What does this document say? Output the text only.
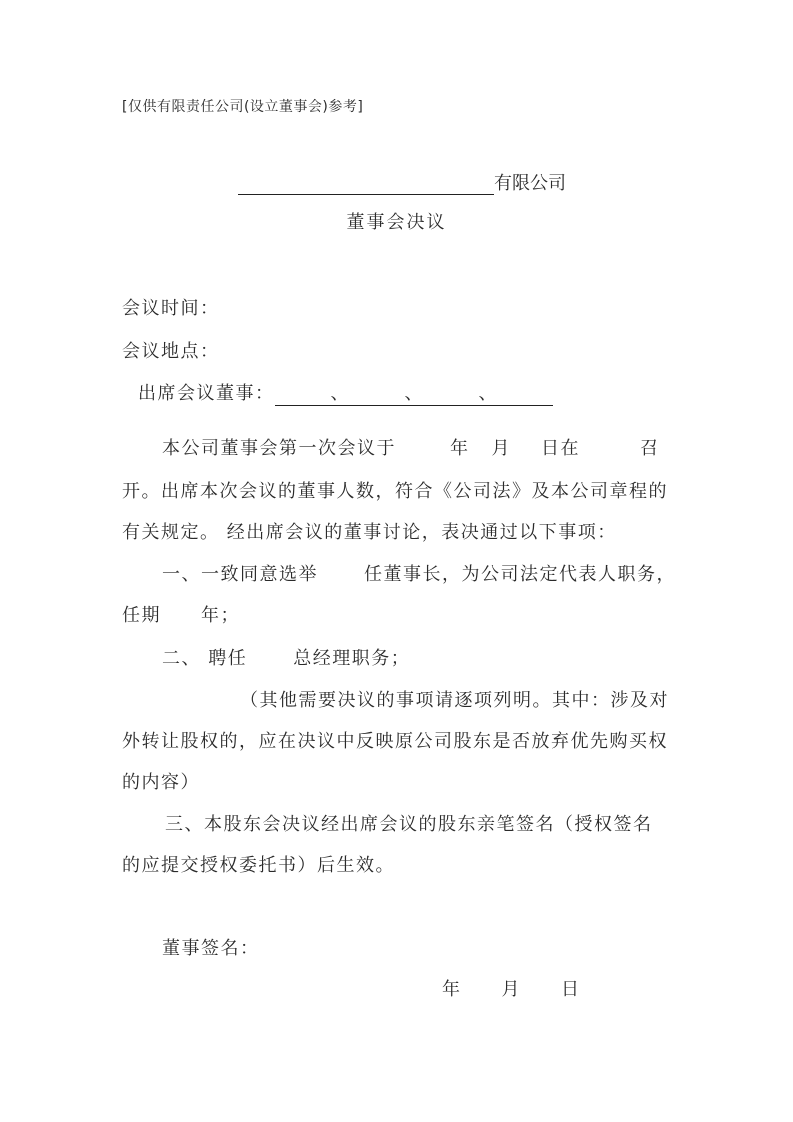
[仅供有限责任公司(设立董事会)参考]
有限公司
董事会决议
会议时间：
会议地点：
出席会议董事：	、	、	、
本公司董事会第一次会议于	年 月 日在	召
开。出席本次会议的董事人数，符合《公司法》及本公司章程的
有关规定。 经出席会议的董事讨论，表决通过以下事项：
一、一致同意选举	任董事长，为公司法定代表人职务，
任期 年；
二、 聘任	总经理职务；
（其他需要决议的事项请逐项列明。其中：涉及对
外转让股权的，应在决议中反映原公司股东是否放弃优先购买权
的内容）
三、本股东会决议经出席会议的股东亲笔签名（授权签名
的应提交授权委托书）后生效。
董事签名：
年 月 日
